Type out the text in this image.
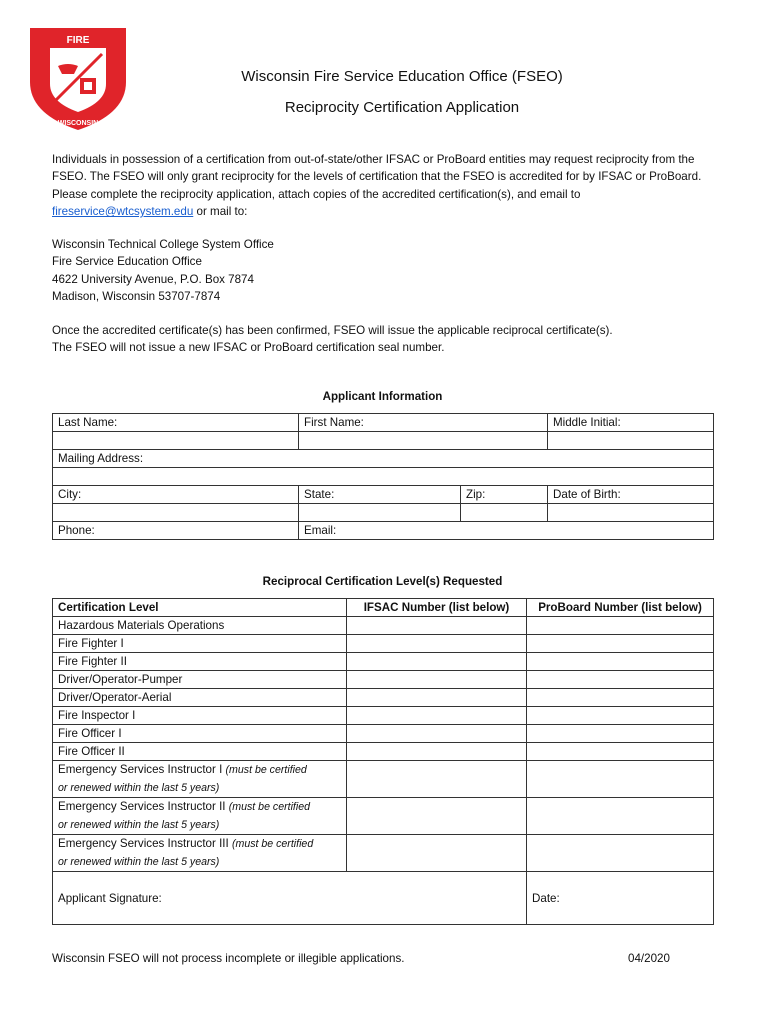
FIRE
WISCONSIN
Wisconsin Fire Service Education Office (FSEO)
Reciprocity Certification Application
Individuals in possession of a certification from out-of-state/other IFSAC or ProBoard entities may request reciprocity from the FSEO. The FSEO will only grant reciprocity for the levels of certification that the FSEO is accredited for by IFSAC or ProBoard. Please complete the reciprocity application, attach copies of the accredited certification(s), and email to fireservice@wtcsystem.edu or mail to:
Wisconsin Technical College System Office
Fire Service Education Office
4622 University Avenue, P.O. Box 7874
Madison, Wisconsin 53707-7874
Once the accredited certificate(s) has been confirmed, FSEO will issue the applicable reciprocal certificate(s).
The FSEO will not issue a new IFSAC or ProBoard certification seal number.
Applicant Information
Last Name:	First Name:		Middle Initial:

Mailing Address:			

City:	State:	Zip:	Date of Birth:

Phone:	Email:		
Reciprocal Certification Level(s) Requested
Certification Level	IFSAC Number (list below)	ProBoard Number (list below)
Hazardous Materials Operations		
Fire Fighter I		
Fire Fighter II		
Driver/Operator-Pumper		
Driver/Operator-Aerial		
Fire Inspector I		
Fire Officer I		
Fire Officer II		
Emergency Services Instructor I (must be certified
or renewed within the last 5 years)		
Emergency Services Instructor II (must be certified
or renewed within the last 5 years)		
Emergency Services Instructor III (must be certified
or renewed within the last 5 years)		
Applicant Signature:		Date:
Wisconsin FSEO will not process incomplete or illegible applications.	04/2020
